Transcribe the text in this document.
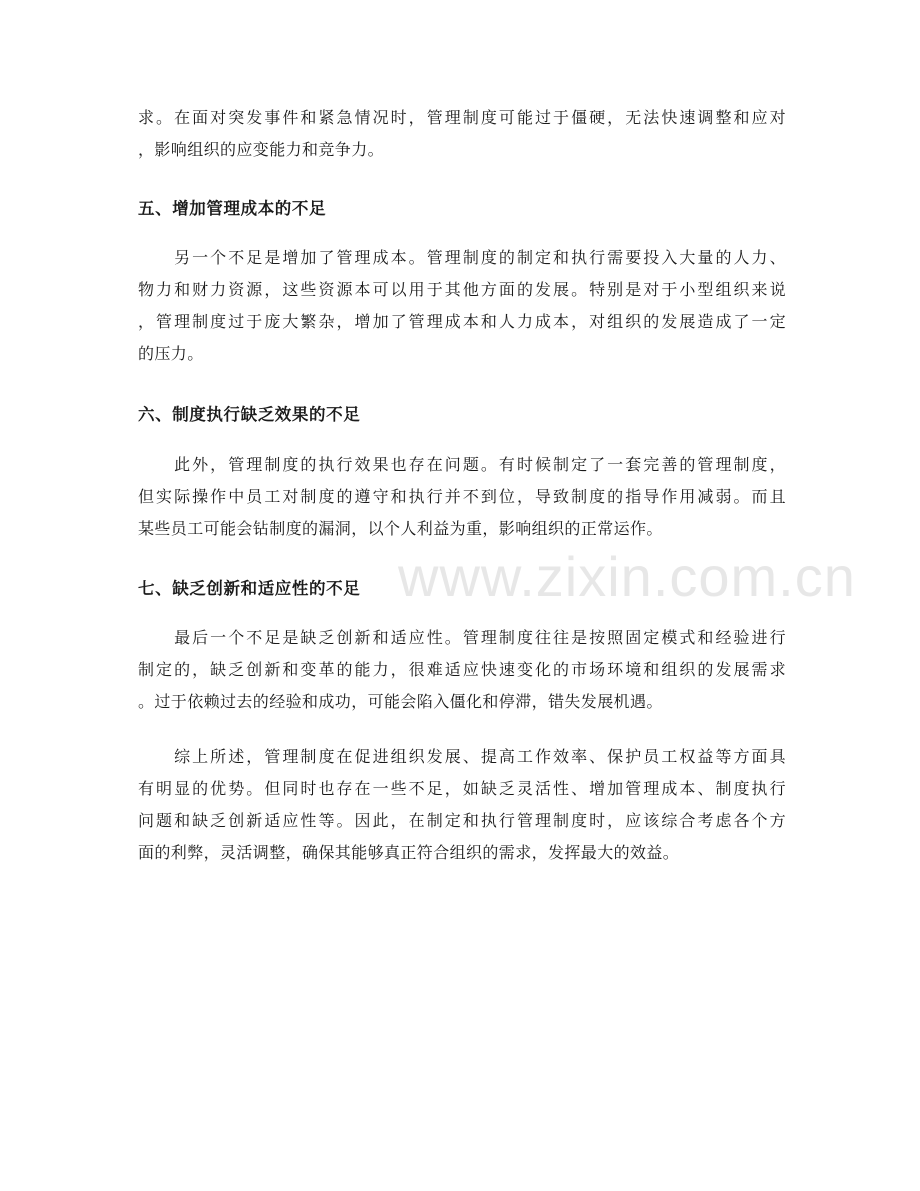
求。在面对突发事件和紧急情况时，管理制度可能过于僵硬，无法快速调整和应对
，影响组织的应变能力和竞争力。
五、增加管理成本的不足
　　另一个不足是增加了管理成本。管理制度的制定和执行需要投入大量的人力、
物力和财力资源，这些资源本可以用于其他方面的发展。特别是对于小型组织来说
，管理制度过于庞大繁杂，增加了管理成本和人力成本，对组织的发展造成了一定
的压力。
六、制度执行缺乏效果的不足
　　此外，管理制度的执行效果也存在问题。有时候制定了一套完善的管理制度，
但实际操作中员工对制度的遵守和执行并不到位，导致制度的指导作用减弱。而且
某些员工可能会钻制度的漏洞，以个人利益为重，影响组织的正常运作。
七、缺乏创新和适应性的不足
　　最后一个不足是缺乏创新和适应性。管理制度往往是按照固定模式和经验进行
制定的，缺乏创新和变革的能力，很难适应快速变化的市场环境和组织的发展需求
。过于依赖过去的经验和成功，可能会陷入僵化和停滞，错失发展机遇。
　　综上所述，管理制度在促进组织发展、提高工作效率、保护员工权益等方面具
有明显的优势。但同时也存在一些不足，如缺乏灵活性、增加管理成本、制度执行
问题和缺乏创新适应性等。因此，在制定和执行管理制度时，应该综合考虑各个方
面的利弊，灵活调整，确保其能够真正符合组织的需求，发挥最大的效益。
www.zixin.com.cn
